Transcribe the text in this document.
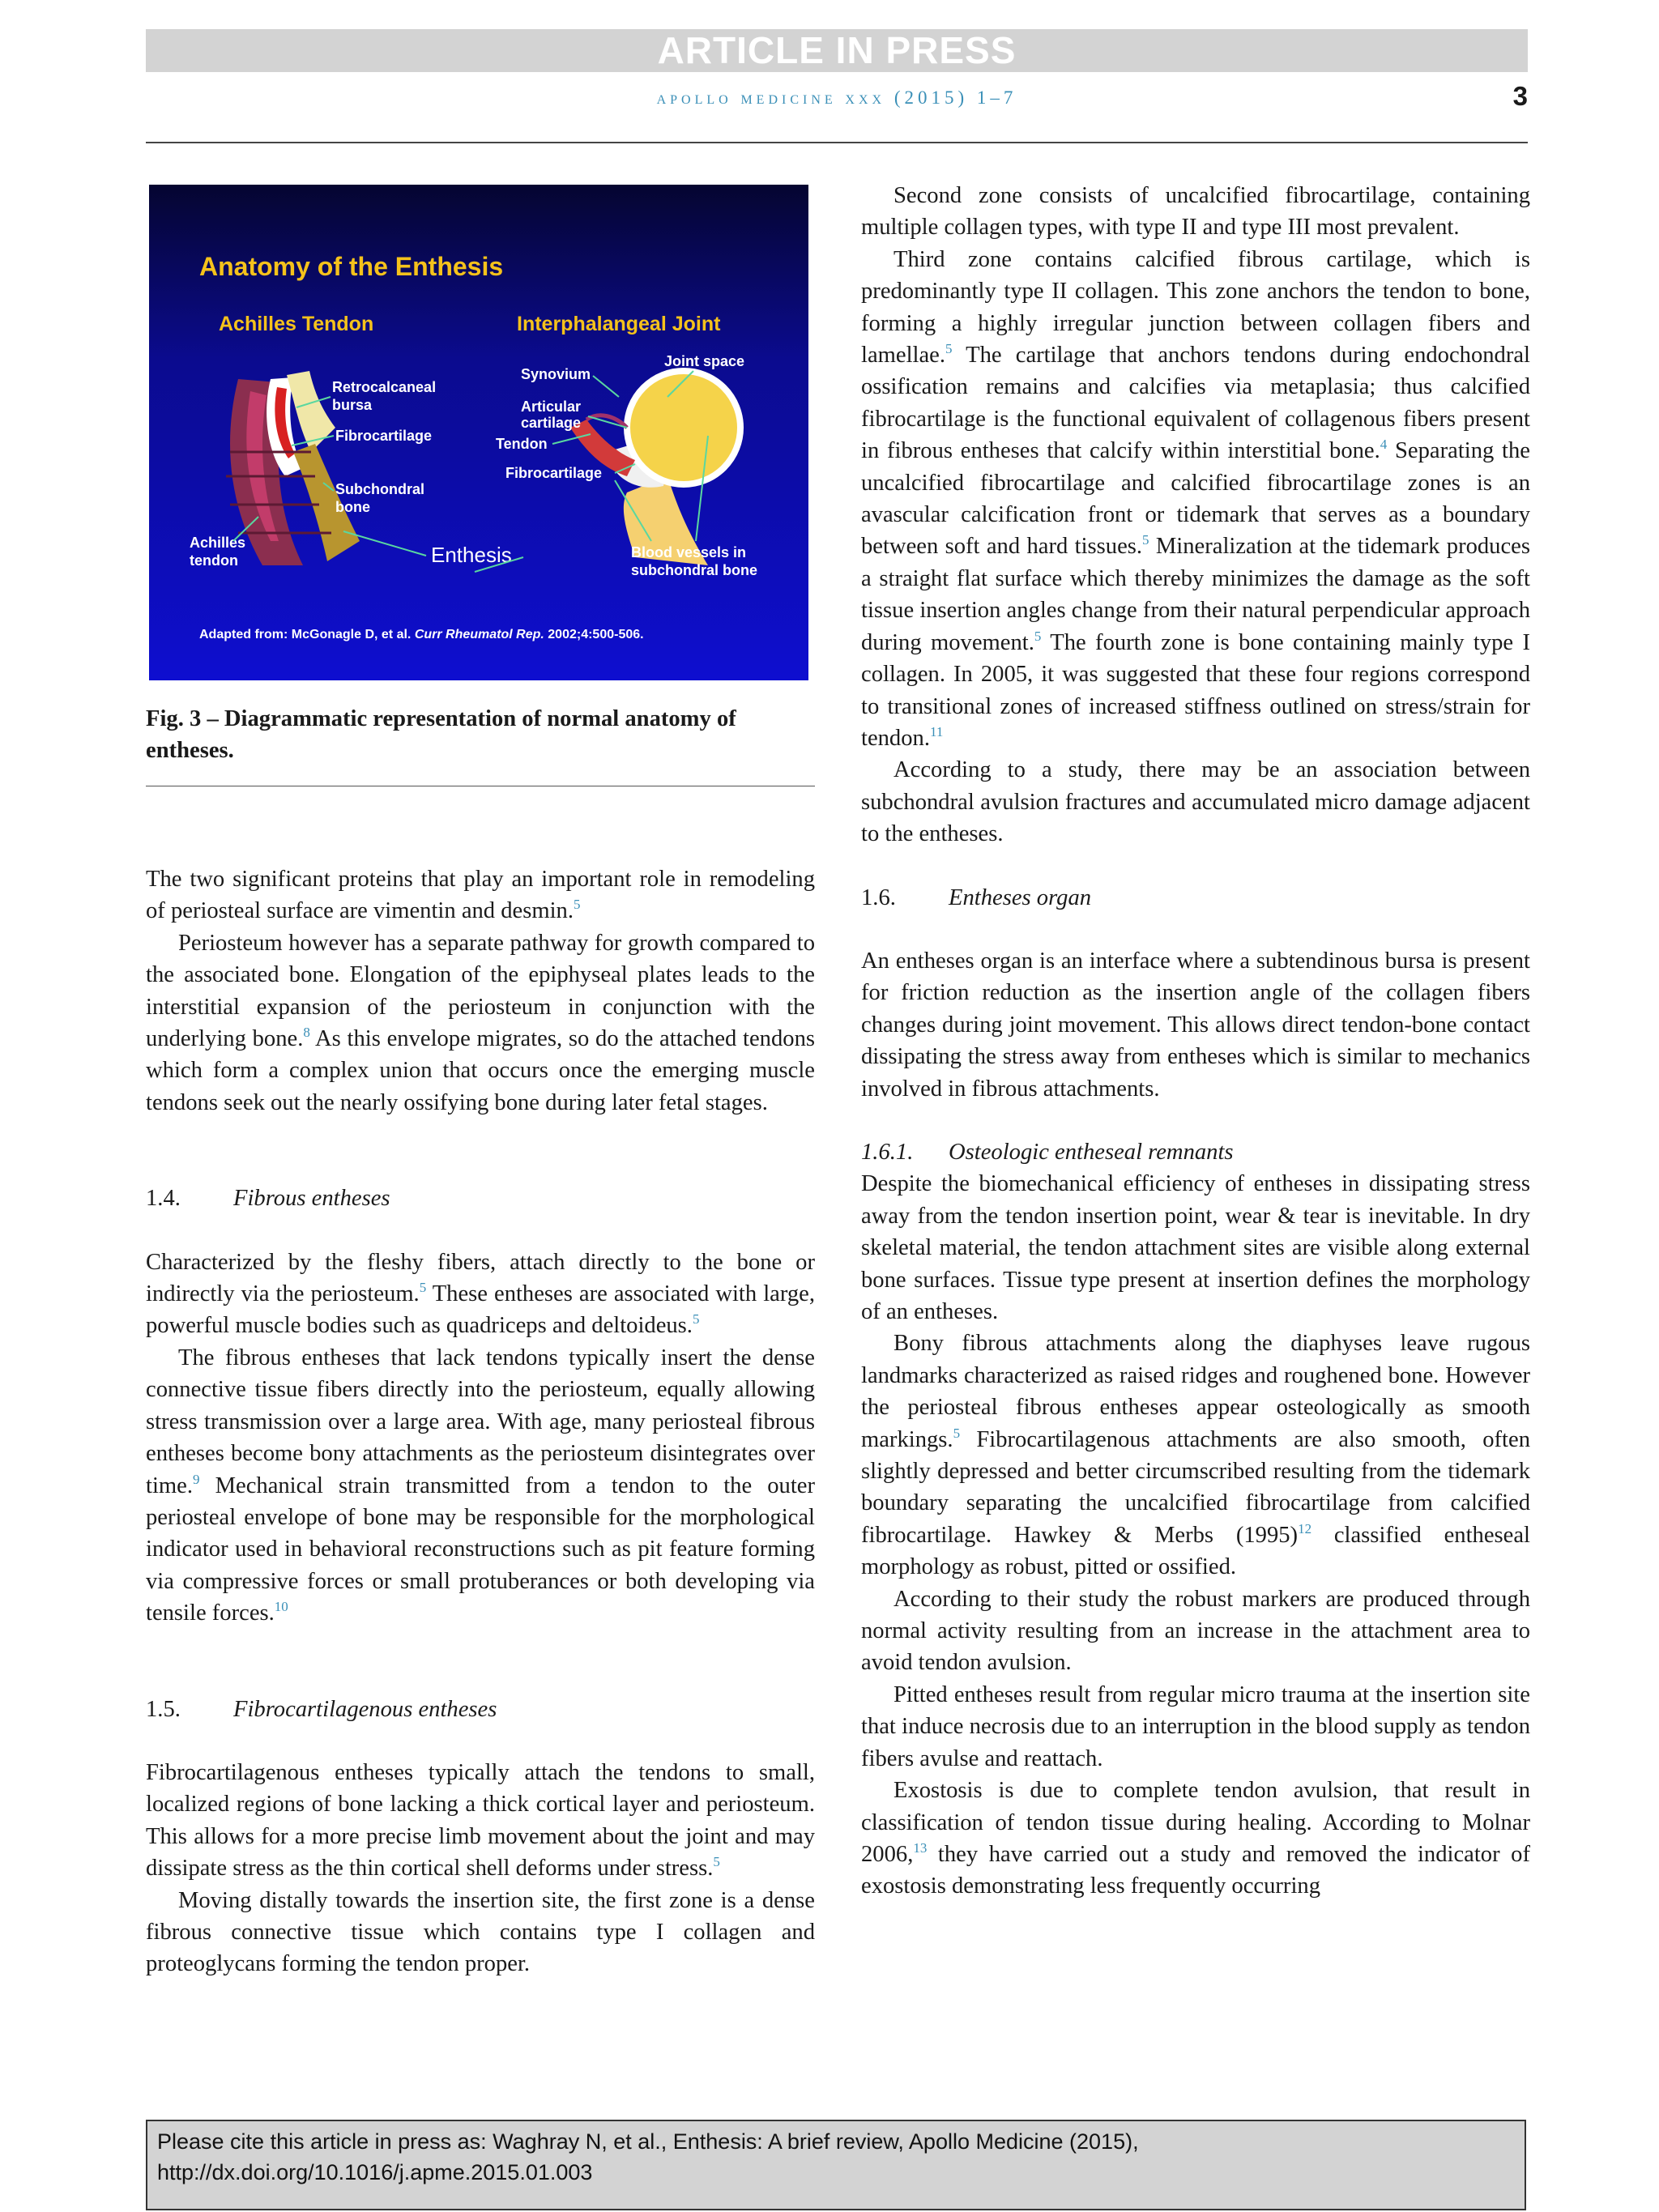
ARTICLE IN PRESS
apollo medicine xxx (2015) 1–7	3
Anatomy of the Enthesis
Achilles Tendon	Interphalangeal Joint
Retrocalcaneal
bursa
Fibrocartilage
Subchondral
bone
Achilles
tendon	Enthesis
Synovium
Joint space
Articular
cartilage
Tendon
Fibrocartilage
Blood vessels in
subchondral bone
Adapted from: McGonagle D, et al. Curr Rheumatol Rep. 2002;4:500-506.
Fig. 3 – Diagrammatic representation of normal anatomy of entheses.

The two significant proteins that play an important role in remodeling of periosteal surface are vimentin and desmin.$^5$

Periosteum however has a separate pathway for growth compared to the associated bone. Elongation of the epiphyseal plates leads to the interstitial expansion of the periosteum in conjunction with the underlying bone.$^8$ As this envelope migrates, so do the attached tendons which form a complex union that occurs once the emerging muscle tendons seek out the nearly ossifying bone during later fetal stages.

1.4. Fibrous entheses

Characterized by the fleshy fibers, attach directly to the bone or indirectly via the periosteum.$^5$ These entheses are associated with large, powerful muscle bodies such as quadriceps and deltoideus.$^5$

The fibrous entheses that lack tendons typically insert the dense connective tissue fibers directly into the periosteum, equally allowing stress transmission over a large area. With age, many periosteal fibrous entheses become bony attachments as the periosteum disintegrates over time.$^9$ Mechanical strain transmitted from a tendon to the outer periosteal envelope of bone may be responsible for the morphological indicator used in behavioral reconstructions such as pit feature forming via compressive forces or small protuberances or both developing via tensile forces.$^{10}$

1.5. Fibrocartilagenous entheses

Fibrocartilagenous entheses typically attach the tendons to small, localized regions of bone lacking a thick cortical layer and periosteum. This allows for a more precise limb movement about the joint and may dissipate stress as the thin cortical shell deforms under stress.$^5$

Moving distally towards the insertion site, the first zone is a dense fibrous connective tissue which contains type I collagen and proteoglycans forming the tendon proper.

Second zone consists of uncalcified fibrocartilage, containing multiple collagen types, with type II and type III most prevalent.

Third zone contains calcified fibrous cartilage, which is predominantly type II collagen. This zone anchors the tendon to bone, forming a highly irregular junction between collagen fibers and lamellae.$^5$ The cartilage that anchors tendons during endochondral ossification remains and calcifies via metaplasia; thus calcified fibrocartilage is the functional equivalent of collagenous fibers present in fibrous entheses that calcify within interstitial bone.$^4$ Separating the uncalcified fibrocartilage and calcified fibrocartilage zones is an avascular calcification front or tidemark that serves as a boundary between soft and hard tissues.$^5$ Mineralization at the tidemark produces a straight flat surface which thereby minimizes the damage as the soft tissue insertion angles change from their natural perpendicular approach during movement.$^5$ The fourth zone is bone containing mainly type I collagen. In 2005, it was suggested that these four regions correspond to transitional zones of increased stiffness outlined on stress/strain for tendon.$^{11}$

According to a study, there may be an association between subchondral avulsion fractures and accumulated micro damage adjacent to the entheses.

1.6. Entheses organ

An entheses organ is an interface where a subtendinous bursa is present for friction reduction as the insertion angle of the collagen fibers changes during joint movement. This allows direct tendon-bone contact dissipating the stress away from entheses which is similar to mechanics involved in fibrous attachments.

1.6.1. Osteologic entheseal remnants

Despite the biomechanical efficiency of entheses in dissipating stress away from the tendon insertion point, wear & tear is inevitable. In dry skeletal material, the tendon attachment sites are visible along external bone surfaces. Tissue type present at insertion defines the morphology of an entheses.

Bony fibrous attachments along the diaphyses leave rugous landmarks characterized as raised ridges and roughened bone. However the periosteal fibrous entheses appear osteologically as smooth markings.$^5$ Fibrocartilagenous attachments are also smooth, often slightly depressed and better circumscribed resulting from the tidemark boundary separating the uncalcified fibrocartilage from calcified fibrocartilage. Hawkey & Merbs $(1995)^{12}$ classified entheseal morphology as robust, pitted or ossified.

According to their study the robust markers are produced through normal activity resulting from an increase in the attachment area to avoid tendon avulsion.

Pitted entheses result from regular micro trauma at the insertion site that induce necrosis due to an interruption in the blood supply as tendon fibers avulse and reattach.

Exostosis is due to complete tendon avulsion, that result in classification of tendon tissue during healing. According to Molnar 2006,13 they have carried out a study and removed the indicator of exostosis demonstrating less frequently occurring

Please cite this article in press as: Waghray N, et al., Enthesis: A brief review, Apollo Medicine (2015), http://dx.doi.org/10.1016/j.apme.2015.01.003
